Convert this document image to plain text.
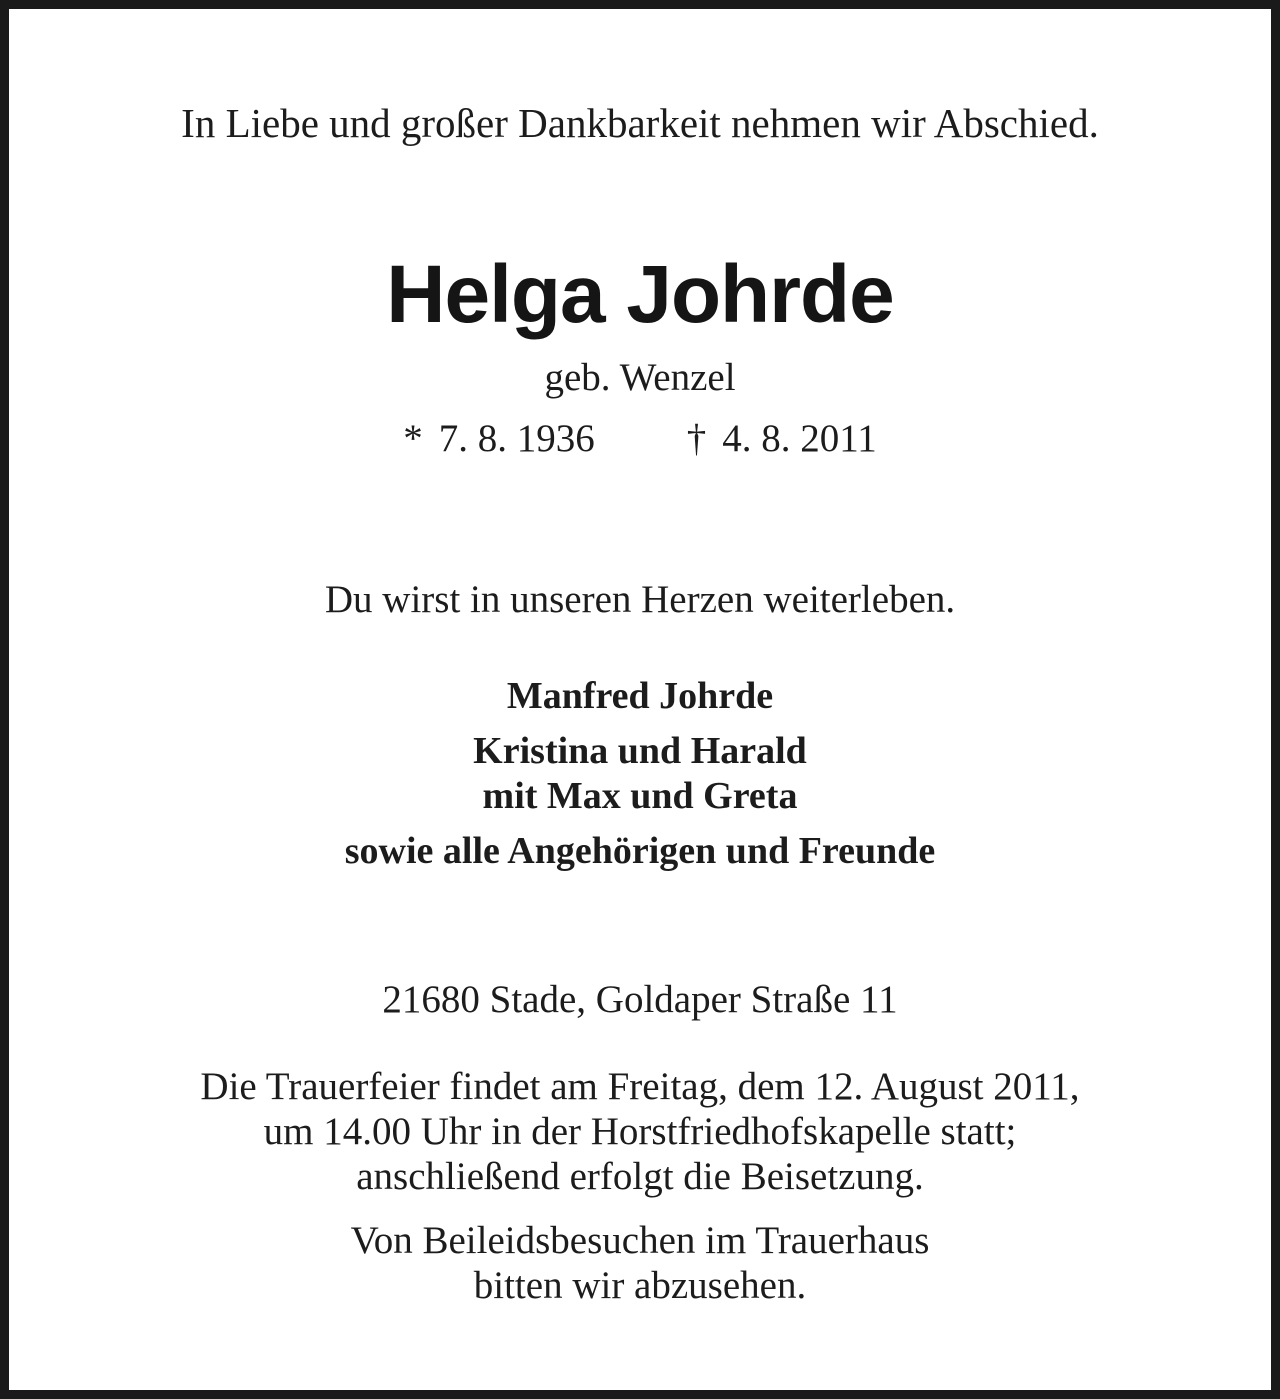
In Liebe und großer Dankbarkeit nehmen wir Abschied.

Helga Johrde

geb. Wenzel

* 7. 8. 1936 † 4. 8. 2011

Du wirst in unseren Herzen weiterleben.

Manfred Johrde

Kristina und Harald

mit Max und Greta

sowie alle Angehörigen und Freunde

21680 Stade, Goldaper Straße 11

Die Trauerfeier findet am Freitag, dem 12. August 2011,

um 14.00 Uhr in der Horstfriedhofskapelle statt;

anschließend erfolgt die Beisetzung.

Von Beileidsbesuchen im Trauerhaus

bitten wir abzusehen.
